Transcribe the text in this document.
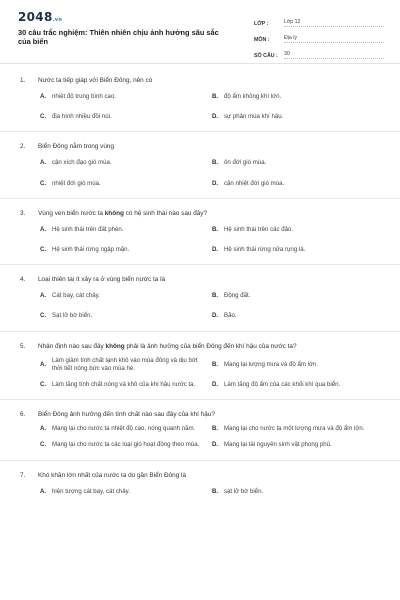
2048.vn
30 câu trắc nghiệm: Thiên nhiên chịu ảnh hưởng sâu sắc của biển
LỚP :	Lớp 12
MÔN :	Địa lý
SỐ CÂU :	30
1.	Nước ta tiếp giáp với Biển Đông, nên có
A. nhiệt độ trung bình cao.	B. độ ẩm không khí lớn.
C. địa hình nhiều đồi núi.	D. sự phân mùa khí hậu.
2.	Biển Đông nằm trong vùng
A. cận xích đạo gió mùa.	B. ôn đới gió mùa.
C. nhiệt đới gió mùa.	D. cận nhiệt đới gió mùa.
3.	Vùng ven biển nước ta không có hệ sinh thái nào sau đây?
A. Hệ sinh thái trên đất phèn.	B. Hệ sinh thái trên các đảo.
C. Hệ sinh thái rừng ngập mặn.	D. Hệ sinh thái rừng nửa rụng lá.
4.	Loại thiên tai ít xảy ra ở vùng biển nước ta là
A. Cát bay, cát chảy.	B. Động đất.
C. Sạt lở bờ biển.	D. Bão.
5.	Nhận định nào sau đây không phải là ảnh hưởng của biển Đông đến khí hậu của nước ta?
A.
Làm giảm tính chất lạnh khô vào mùa đông và dịu bớt thời tiết nóng bức vào mùa hè.
B. Mang lại lượng mưa và độ ẩm lớn.
C. Làm tăng tính chất nóng và khô của khí hậu nước ta.	D. Làm tăng độ ẩm của các khối khí qua biển.
6.	Biển Đông ảnh hưởng đến tính chất nào sau đây của khí hậu?
A. Mang lại cho nước ta nhiệt độ cao, nóng quanh năm.	B. Mang lại cho nước ta một lượng mưa và độ ẩm lớn.
C. Mang lại cho nước ta các loại gió hoạt động theo mùa.	D. Mang lại tài nguyên sinh vật phong phú.
7.	Khó khăn lớn nhất của nước ta do gần Biển Đông là
A. hiện tượng cát bay, cát chảy.	B. sạt lở bờ biển.
